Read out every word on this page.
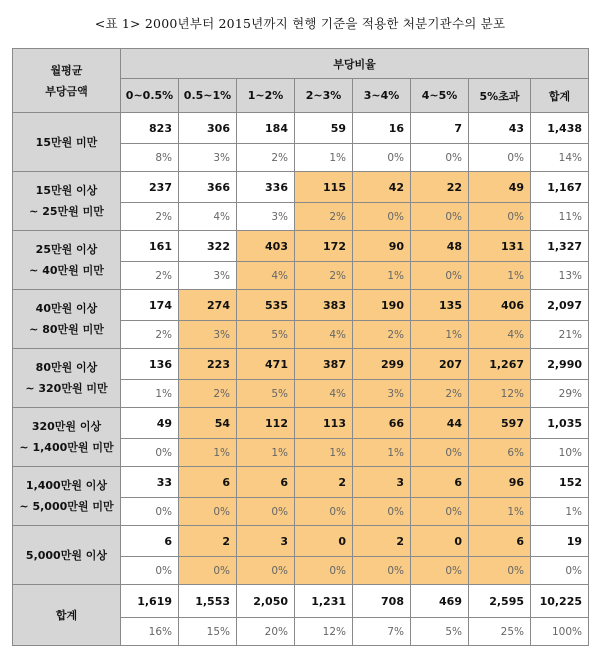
<표 1> 2000년부터 2015년까지 현행 기준을 적용한 처분기관수의 분포
월평균
부당금액	부당비율							
	0~0.5%	0.5~1%	1~2%	2~3%	3~4%	4~5%	5%초과	합계

15만원 미만	823	306	184	59	16	7	43	1,438
	8%	3%	2%	1%	0%	0%	0%	14%

15만원 이상
~ 25만원 미만	237	366	336	115	42	22	49	1,167
	2%	4%	3%	2%	0%	0%	0%	11%

25만원 이상
~ 40만원 미만	161	322	403	172	90	48	131	1,327
	2%	3%	4%	2%	1%	0%	1%	13%

40만원 이상
~ 80만원 미만	174	274	535	383	190	135	406	2,097
	2%	3%	5%	4%	2%	1%	4%	21%

80만원 이상
~ 320만원 미만	136	223	471	387	299	207	1,267	2,990
	1%	2%	5%	4%	3%	2%	12%	29%

320만원 이상
~ 1,400만원 미만	49	54	112	113	66	44	597	1,035
	0%	1%	1%	1%	1%	0%	6%	10%

1,400만원 이상
~ 5,000만원 미만	33	6	6	2	3	6	96	152
	0%	0%	0%	0%	0%	0%	1%	1%

5,000만원 이상	6	2	3	0	2	0	6	19
	0%	0%	0%	0%	0%	0%	0%	0%

합계	1,619	1,553	2,050	1,231	708	469	2,595	10,225
	16%	15%	20%	12%	7%	5%	25%	100%
